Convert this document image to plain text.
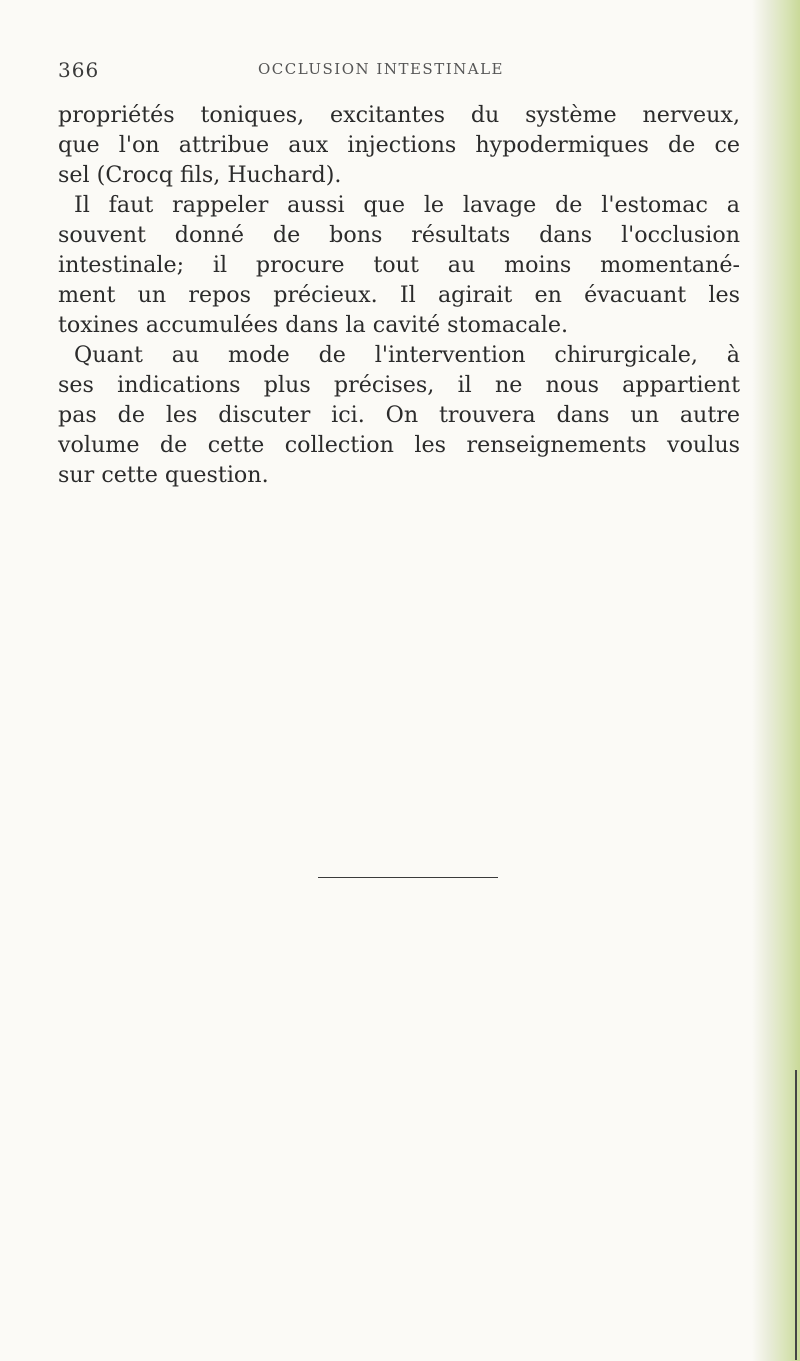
366	OCCLUSION INTESTINALE
propriétés toniques, excitantes du système nerveux,
que l'on attribue aux injections hypodermiques de ce
sel (Crocq fils, Huchard).
Il faut rappeler aussi que le lavage de l'estomac a
souvent donné de bons résultats dans l'occlusion
intestinale; il procure tout au moins momentané-
ment un repos précieux. Il agirait en évacuant les
toxines accumulées dans la cavité stomacale.
Quant au mode de l'intervention chirurgicale, à
ses indications plus précises, il ne nous appartient
pas de les discuter ici. On trouvera dans un autre
volume de cette collection les renseignements voulus
sur cette question.
